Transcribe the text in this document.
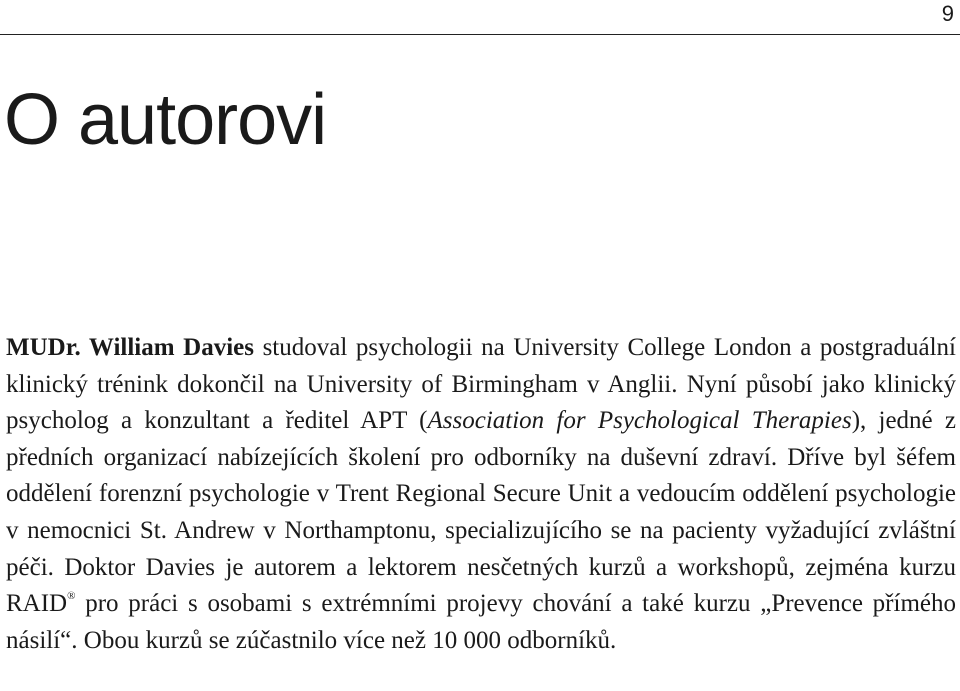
9
O autorovi

MUDr. William Davies studoval psychologii na University College London a postgraduální klinický trénink dokončil na University of Birmingham v Anglii. Nyní působí jako klinický psycholog a konzultant a ředitel APT (Association for Psychological Therapies), jedné z předních organizací nabízejících školení pro odborníky na duševní zdraví. Dříve byl šéfem oddělení forenzní psychologie v Trent Regional Secure Unit a vedoucím oddělení psychologie v nemocnici St. Andrew v Northamptonu, specializujícího se na pacienty vyžadující zvláštní péči. Doktor Davies je autorem a lektorem nesčetných kurzů a workshopů, zejména kurzu RAID® pro práci s osobami s extrémními projevy chování a také kurzu „Prevence přímého násilí“. Obou kurzů se zúčastnilo více než 10 000 odborníků.
